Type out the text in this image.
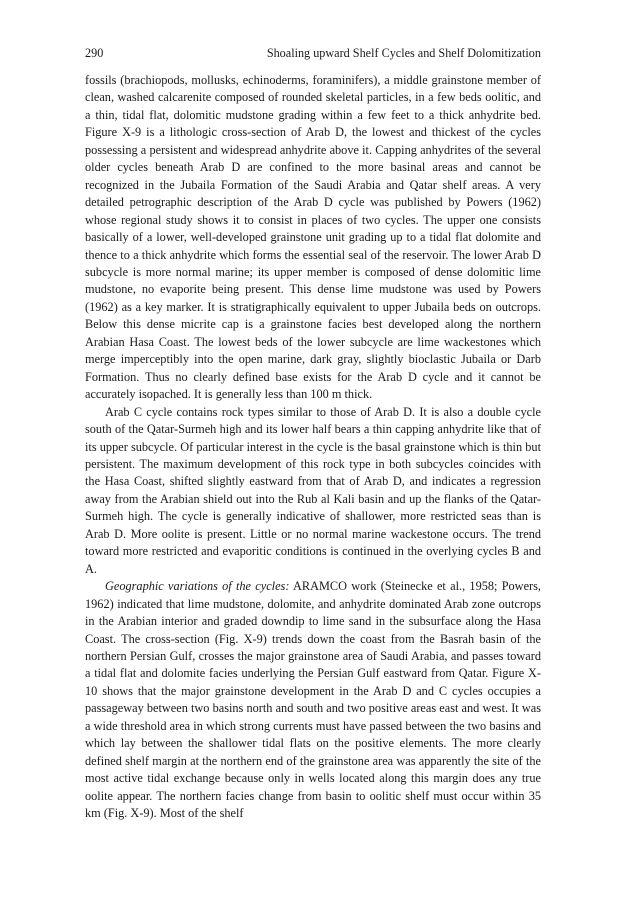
290	Shoaling upward Shelf Cycles and Shelf Dolomitization

fossils (brachiopods, mollusks, echinoderms, foraminifers), a middle grainstone member of clean, washed calcarenite composed of rounded skeletal particles, in a few beds oolitic, and a thin, tidal flat, dolomitic mudstone grading within a few feet to a thick anhydrite bed. Figure X-9 is a lithologic cross-section of Arab D, the lowest and thickest of the cycles possessing a persistent and widespread anhydrite above it. Capping anhydrites of the several older cycles beneath Arab D are confined to the more basinal areas and cannot be recognized in the Jubaila Formation of the Saudi Arabia and Qatar shelf areas. A very detailed petrographic description of the Arab D cycle was published by Powers (1962) whose regional study shows it to consist in places of two cycles. The upper one consists basically of a lower, well-developed grainstone unit grading up to a tidal flat dolomite and thence to a thick anhydrite which forms the essential seal of the reservoir. The lower Arab D subcycle is more normal marine; its upper member is composed of dense dolomitic lime mudstone, no evaporite being present. This dense lime mudstone was used by Powers (1962) as a key marker. It is stratigraphically equivalent to upper Jubaila beds on outcrops. Below this dense micrite cap is a grainstone facies best developed along the northern Arabian Hasa Coast. The lowest beds of the lower subcycle are lime wackestones which merge imperceptibly into the open marine, dark gray, slightly bioclastic Jubaila or Darb Formation. Thus no clearly defined base exists for the Arab D cycle and it cannot be accurately isopached. It is generally less than 100 m thick.

Arab C cycle contains rock types similar to those of Arab D. It is also a double cycle south of the Qatar-Surmeh high and its lower half bears a thin capping anhydrite like that of its upper subcycle. Of particular interest in the cycle is the basal grainstone which is thin but persistent. The maximum development of this rock type in both subcycles coincides with the Hasa Coast, shifted slightly eastward from that of Arab D, and indicates a regression away from the Arabian shield out into the Rub al Kali basin and up the flanks of the Qatar-Surmeh high. The cycle is generally indicative of shallower, more restricted seas than is Arab D. More oolite is present. Little or no normal marine wackestone occurs. The trend toward more restricted and evaporitic conditions is continued in the overlying cycles B and A.

Geographic variations of the cycles: ARAMCO work (Steinecke et al., 1958; Powers, 1962) indicated that lime mudstone, dolomite, and anhydrite dominated Arab zone outcrops in the Arabian interior and graded downdip to lime sand in the subsurface along the Hasa Coast. The cross-section (Fig. X-9) trends down the coast from the Basrah basin of the northern Persian Gulf, crosses the major grainstone area of Saudi Arabia, and passes toward a tidal flat and dolomite facies underlying the Persian Gulf eastward from Qatar. Figure X-10 shows that the major grainstone development in the Arab D and C cycles occupies a passageway between two basins north and south and two positive areas east and west. It was a wide threshold area in which strong currents must have passed between the two basins and which lay between the shallower tidal flats on the positive elements. The more clearly defined shelf margin at the northern end of the grainstone area was apparently the site of the most active tidal exchange because only in wells located along this margin does any true oolite appear. The northern facies change from basin to oolitic shelf must occur within 35 km (Fig. X-9). Most of the shelf
